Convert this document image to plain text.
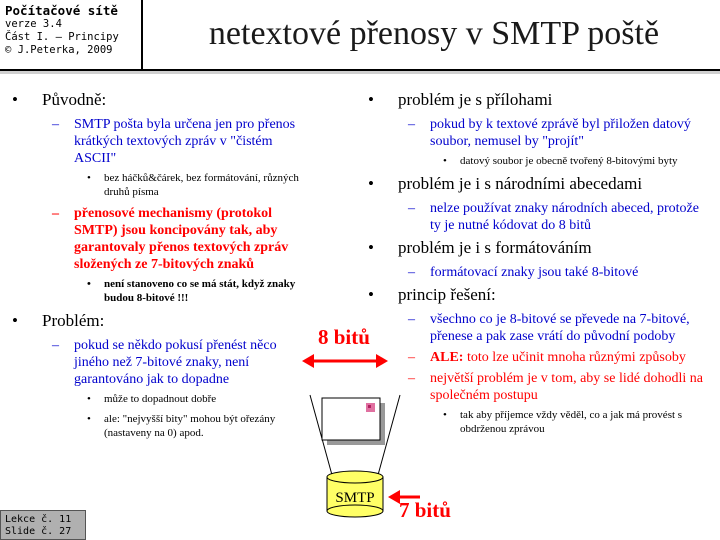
Počítačové sítě
verze 3.4
Část I. – Principy
© J.Peterka, 2009	netextové přenosy v SMTP poště
• Původně:
– SMTP pošta byla určena jen pro přenos krátkých textových zpráv v "čistém ASCII"
• bez háčků&čárek, bez formátování, různých druhů písma
– přenosové mechanismy (protokol SMTP) jsou koncipovány tak, aby garantovaly přenos textových zpráv složených ze 7-bitových znaků
• není stanoveno co se má stát, když znaky budou 8-bitové !!!
• Problém:
– pokud se někdo pokusí přenést něco jiného než 7-bitové znaky, není garantováno jak to dopadne
• může to dopadnout dobře
• ale: "nejvyšší bity" mohou být ořezány (nastaveny na 0) apod.
• problém je s přílohami
– pokud by k textové zprávě byl přiložen datový soubor, nemusel by "projít"
• datový soubor je obecně tvořený 8-bitovými byty
• problém je i s národními abecedami
– nelze používat znaky národních abeced, protože ty je nutné kódovat do 8 bitů
• problém je i s formátováním
– formátovací znaky jsou také 8-bitové
• princip řešení:
– všechno co je 8-bitové se převede na 7-bitové, přenese a pak zase vrátí do původní podoby
– ALE: toto lze učinit mnoha různými způsoby
– největší problém je v tom, aby se lidé dohodli na společném postupu
• tak aby příjemce vždy věděl, co a jak má provést s obdrženou zprávou
SMTP
8 bitů
7 bitů
Lekce č. 11
Slide č. 27
